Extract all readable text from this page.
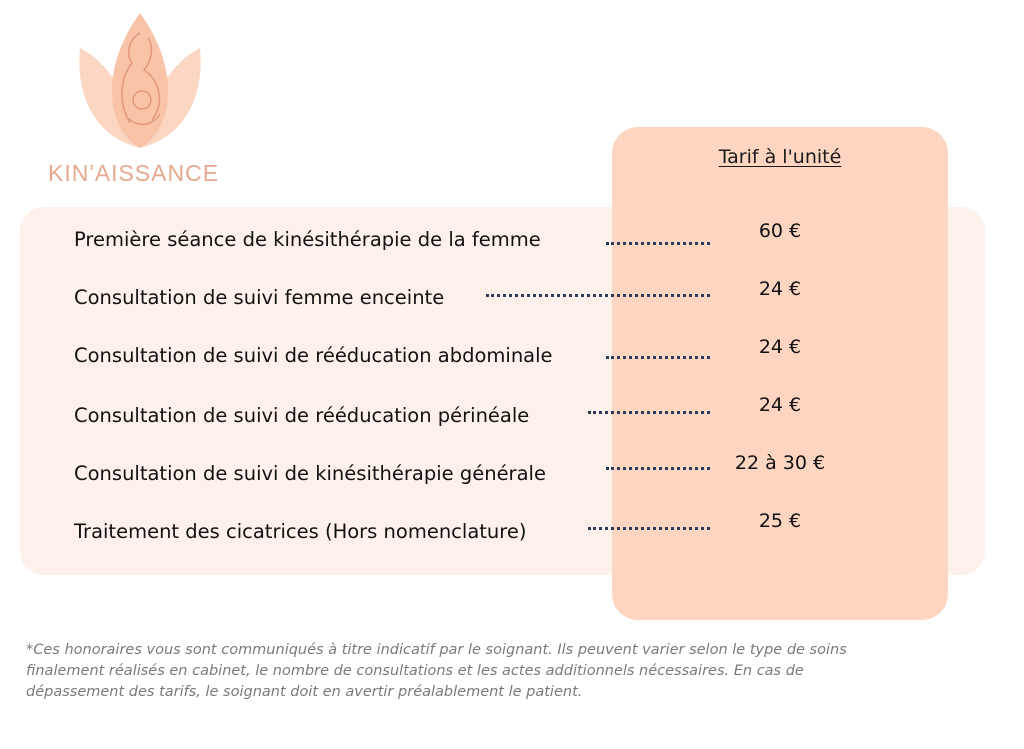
KIN'AISSANCE
Tarif à l'unité
Première séance de kinésithérapie de la femme	60 €
Consultation de suivi femme enceinte	24 €
Consultation de suivi de rééducation abdominale	24 €
Consultation de suivi de rééducation périnéale	24 €
Consultation de suivi de kinésithérapie générale	22 à 30 €
Traitement des cicatrices (Hors nomenclature)	25 €
*Ces honoraires vous sont communiqués à titre indicatif par le soignant. Ils peuvent varier selon le type de soins finalement réalisés en cabinet, le nombre de consultations et les actes additionnels nécessaires. En cas de dépassement des tarifs, le soignant doit en avertir préalablement le patient.
